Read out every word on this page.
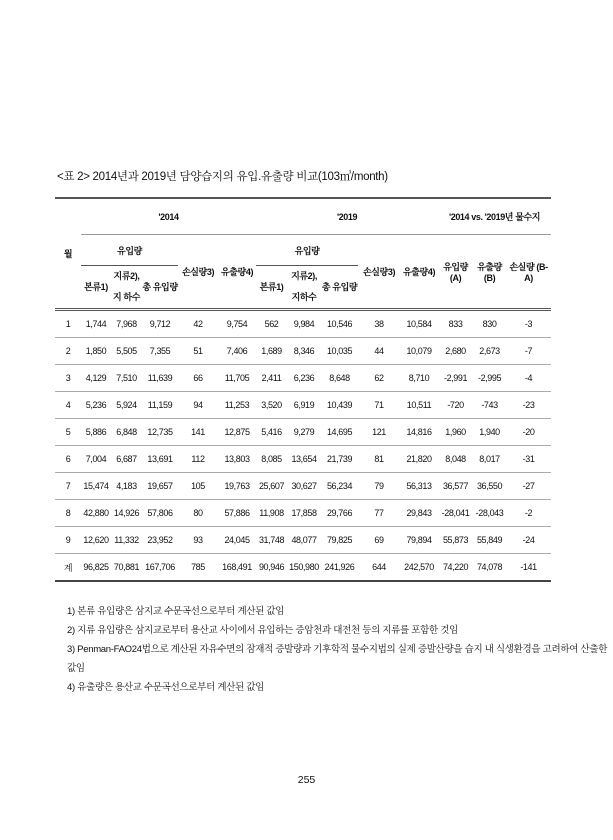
<표 2> 2014년과 2019년 담양습지의 유입.유출량 비교(103㎥/month)
월	'2014					'2019					'2014 vs. '2019년 물수지		
	유입량			손실량3)	유출량4)	유입량			손실량3)	유출량4)	유입량 (A)	유출량 (B)	손실량 (B-A)
	본류1)	지류2),지 하수	총 유입량			본류1)	지류2), 지하수	총 유입량					
1	1,744	7,968	9,712	42	9,754	562	9,984	10,546	38	10,584	833	830	-3
2	1,850	5,505	7,355	51	7,406	1,689	8,346	10,035	44	10,079	2,680	2,673	-7
3	4,129	7,510	11,639	66	11,705	2,411	6,236	8,648	62	8,710	-2,991	-2,995	-4
4	5,236	5,924	11,159	94	11,253	3,520	6,919	10,439	71	10,511	-720	-743	-23
5	5,886	6,848	12,735	141	12,875	5,416	9,279	14,695	121	14,816	1,960	1,940	-20
6	7,004	6,687	13,691	112	13,803	8,085	13,654	21,739	81	21,820	8,048	8,017	-31
7	15,474	4,183	19,657	105	19,763	25,607	30,627	56,234	79	56,313	36,577	36,550	-27
8	42,880	14,926	57,806	80	57,886	11,908	17,858	29,766	77	29,843	-28,041	-28,043	-2
9	12,620	11,332	23,952	93	24,045	31,748	48,077	79,825	69	79,894	55,873	55,849	-24
계	96,825	70,881	167,706	785	168,491	90,946	150,980	241,926	644	242,570	74,220	74,078	-141
1) 본류 유입량은 삼지교 수문곡선으로부터 계산된 값임
2) 지류 유입량은 삼지교로부터 용산교 사이에서 유입하는 증암천과 대전천 등의 지류를 포함한 것임
3) Penman-FAO24법으로 계산된 자유수면의 잠재적 증발량과 기후학적 물수지법의 실제 증발산량을 습지 내 식생환경을 고려하여 산출한 값임
4) 유출량은 용산교 수문곡선으로부터 계산된 값임
255
